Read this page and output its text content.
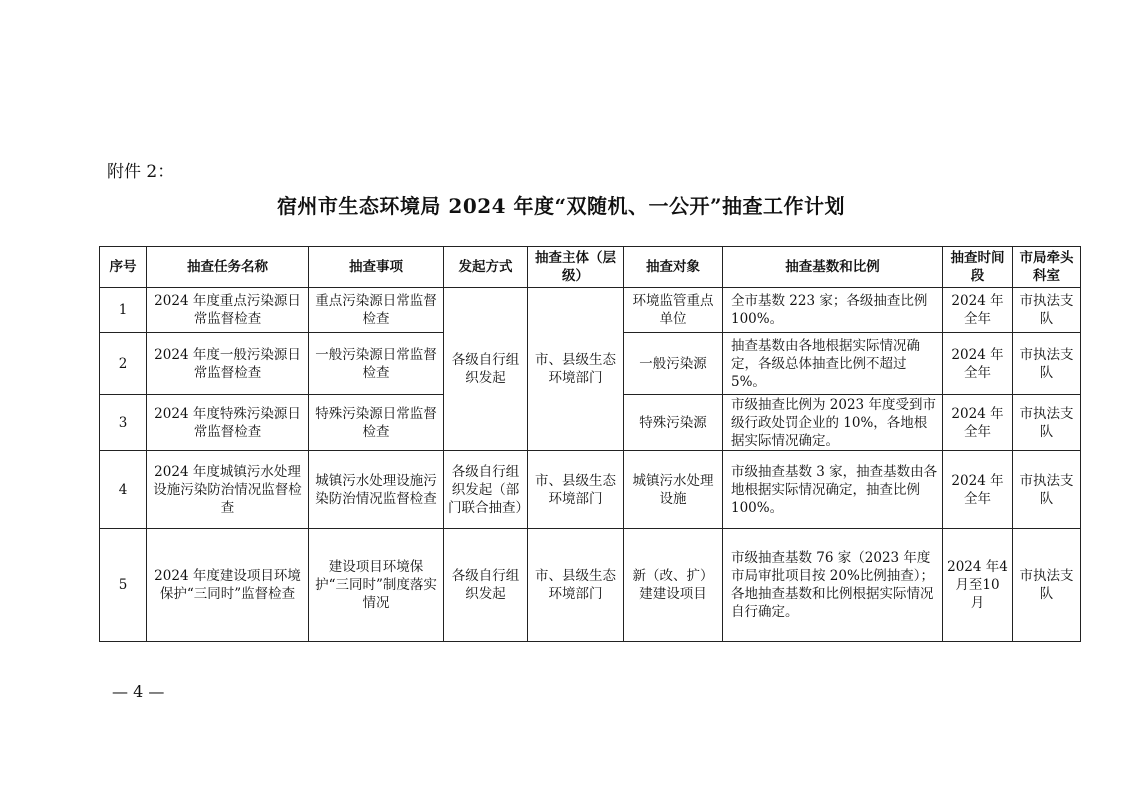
附件 2：
宿州市生态环境局 2024 年度“双随机、一公开”抽查工作计划
序号	抽查任务名称	抽查事项	发起方式	抽查主体（层级）	抽查对象	抽查基数和比例	抽查时间段	市局牵头科室
1	2024 年度重点污染源日常监督检查	重点污染源日常监督检查	各级自行组织发起	市、县级生态环境部门	环境监管重点单位	全市基数 223 家；各级抽查比例 100%。	2024 年全年	市执法支队
2	2024 年度一般污染源日常监督检查	一般污染源日常监督检查			一般污染源	抽查基数由各地根据实际情况确定，各级总体抽查比例不超过 5%。	2024 年全年	市执法支队
3	2024 年度特殊污染源日常监督检查	特殊污染源日常监督检查			特殊污染源	市级抽查比例为 2023 年度受到市级行政处罚企业的 10%，各地根据实际情况确定。	2024 年全年	市执法支队
4	2024 年度城镇污水处理设施污染防治情况监督检查	城镇污水处理设施污染防治情况监督检查	各级自行组织发起（部门联合抽查）	市、县级生态环境部门	城镇污水处理设施	市级抽查基数 3 家，抽查基数由各地根据实际情况确定，抽查比例 100%。	2024 年全年	市执法支队
5	2024 年度建设项目环境保护“三同时”监督检查	建设项目环境保护“三同时”制度落实情况	各级自行组织发起	市、县级生态环境部门	新（改、扩）建建设项目	市级抽查基数 76 家（2023 年度市局审批项目按 20%比例抽查）；各地抽查基数和比例根据实际情况自行确定。	2024 年4 月至10 月	市执法支队
— 4 —
